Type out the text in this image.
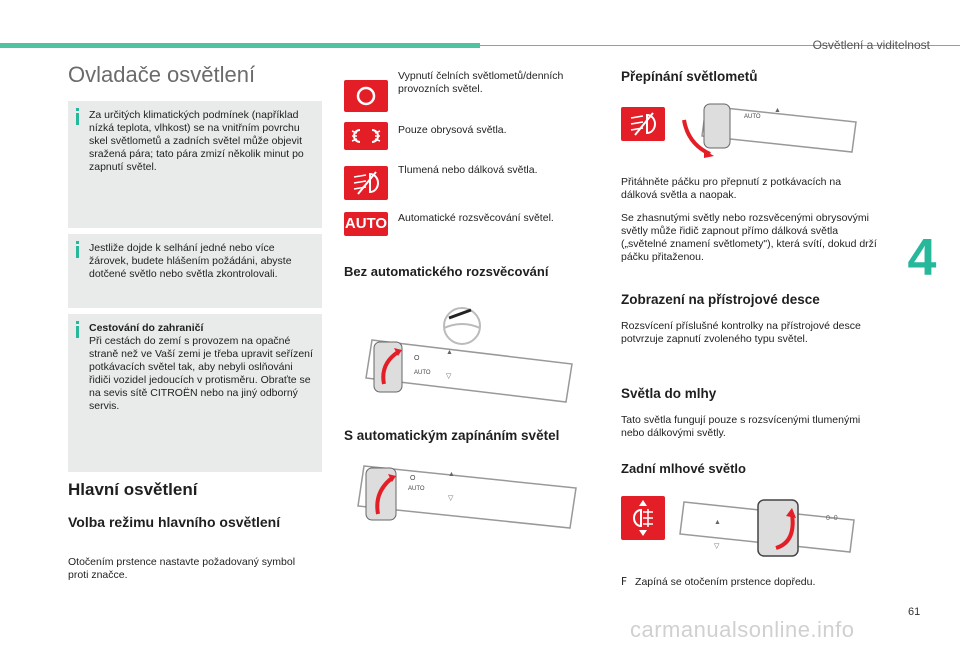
Osvětlení a viditelnost
4
61
carmanualsonline.info
Ovladače osvětlení
Za určitých klimatických podmínek (například nízká teplota, vlhkost) se na vnitřním povrchu skel světlometů a zadních světel může objevit sražená pára; tato pára zmizí několik minut po zapnutí světel.
Jestliže dojde k selhání jedné nebo více žárovek, budete hlášením požádáni, abyste dotčené světlo nebo světla zkontrolovali.
Cestování do zahraničí
Při cestách do zemí s provozem na opačné straně než ve Vaší zemi je třeba upravit seřízení potkávacích světel tak, aby nebyli oslňováni řidiči vozidel jedoucích v protisměru. Obraťte se na sevis sítě CITROËN nebo na jiný odborný servis.
Hlavní osvětlení
Volba režimu hlavního osvětlení

Otočením prstence nastavte požadovaný symbol proti značce.

Vypnutí čelních světlometů/denních provozních světel.

Pouze obrysová světla.

Tlumená nebo dálková světla.

AUTO Automatické rozsvěcování světel.

Bez automatického rozsvěcování
O
AUTO
▲
▽
S automatickým zapínáním světel
O
AUTO
▲
▽
Přepínání světlometů
AUTO
▲

Přitáhněte páčku pro přepnutí z potkávacích na dálková světla a naopak.

Se zhasnutými světly nebo rozsvěcenými obrysovými světly může řidič zapnout přímo dálková světla („světelné znamení světlomety"), která svítí, dokud drží páčku přitaženou.

Zobrazení na přístrojové desce

Rozsvícení příslušné kontrolky na přístrojové desce potvrzuje zapnutí zvoleného typu světel.

Světla do mlhy

Tato světla fungují pouze s rozsvícenými tlumenými nebo dálkovými světly.

Zadní mlhové světlo
▲
▽
0–0

F Zapíná se otočením prstence dopředu.
